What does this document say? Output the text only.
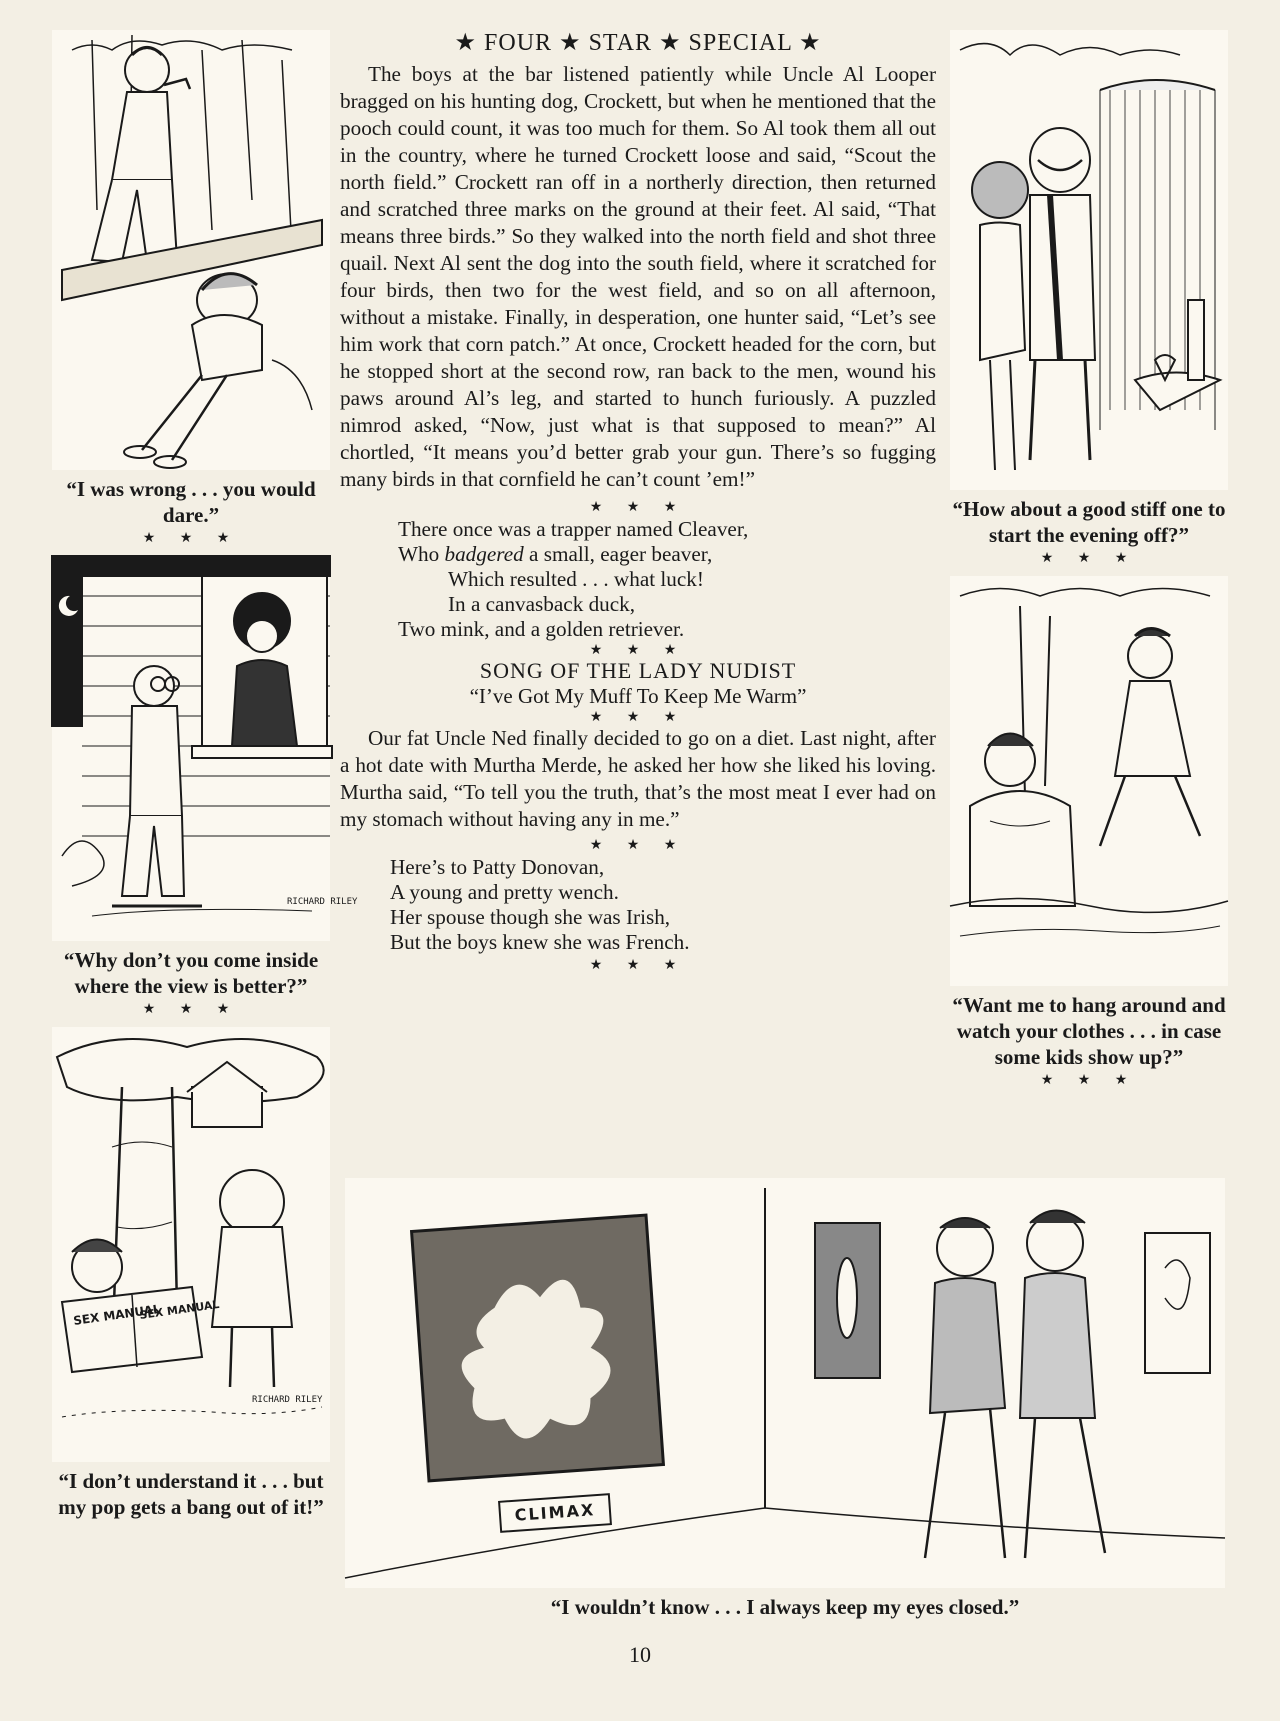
“I was wrong . . . you would dare.”

★ ★ ★
RICHARD RILEY

“Why don’t you come inside where the view is better?”

★ ★ ★
SEX MANUAL
SEX MANUAL
RICHARD RILEY

“I don’t understand it . . . but my pop gets a bang out of it!”

★ FOUR ★ STAR ★ SPECIAL ★

The boys at the bar listened patiently while Uncle Al Looper bragged on his hunting dog, Crockett, but when he mentioned that the pooch could count, it was too much for them. So Al took them all out in the country, where he turned Crockett loose and said, “Scout the north field.” Crockett ran off in a northerly direction, then returned and scratched three marks on the ground at their feet. Al said, “That means three birds.” So they walked into the north field and shot three quail. Next Al sent the dog into the south field, where it scratched for four birds, then two for the west field, and so on all afternoon, without a mistake. Finally, in desperation, one hunter said, “Let’s see him work that corn patch.” At once, Crockett headed for the corn, but he stopped short at the second row, ran back to the men, wound his paws around Al’s leg, and started to hunch furiously. A puzzled nimrod asked, “Now, just what is that supposed to mean?” Al chortled, “It means you’d better grab your gun. There’s so fugging many birds in that cornfield he can’t count ’em!”

★ ★ ★
There once was a trapper named Cleaver,
Who badgered a small, eager beaver,
Which resulted . . . what luck!
In a canvasback duck,
Two mink, and a golden retriever.
★ ★ ★

SONG OF THE LADY NUDIST

“I’ve Got My Muff To Keep Me Warm”

★ ★ ★

Our fat Uncle Ned finally decided to go on a diet. Last night, after a hot date with Murtha Merde, he asked her how she liked his loving. Murtha said, “To tell you the truth, that’s the most meat I ever had on my stomach without having any in me.”

★ ★ ★
Here’s to Patty Donovan,
A young and pretty wench.
Her spouse though she was Irish,
But the boys knew she was French.
★ ★ ★

“How about a good stiff one to start the evening off?”

★ ★ ★

“Want me to hang around and watch your clothes . . . in case some kids show up?”

★ ★ ★
CLIMAX
“I wouldn’t know . . . I always keep my eyes closed.”
10
